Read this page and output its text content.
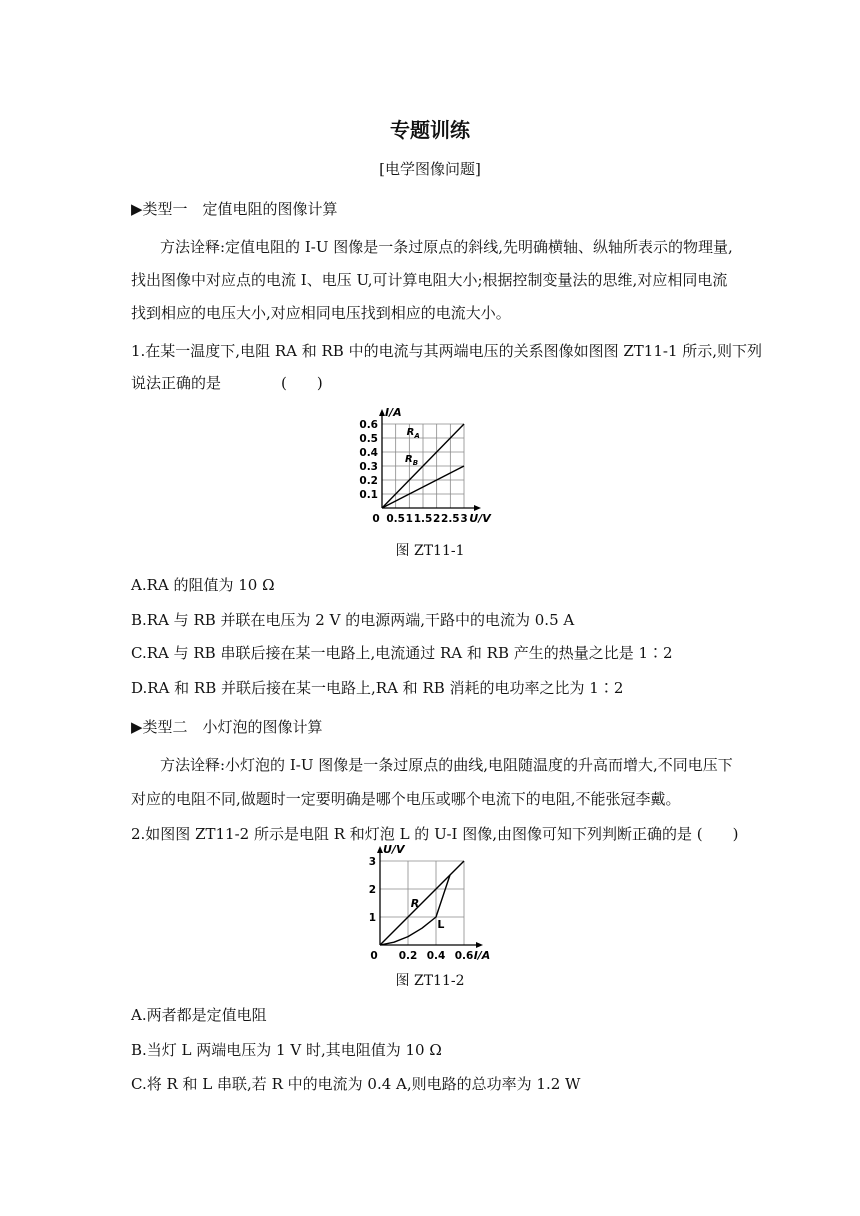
专题训练
[电学图像问题]
▶类型一　定值电阻的图像计算
方法诠释:定值电阻的 I-U 图像是一条过原点的斜线,先明确横轴、纵轴所表示的物理量,
找出图像中对应点的电流 I、电压 U,可计算电阻大小;根据控制变量法的思维,对应相同电流
找到相应的电压大小,对应相同电压找到相应的电流大小。
1.在某一温度下,电阻 RA 和 RB 中的电流与其两端电压的关系图像如图图 ZT11-1 所示,则下列
说法正确的是　　　　(　　)
0.5 1 1.5 2 2.5 3
0.1
0.2
0.3
0.4
0.5
0.6
0	U/V
I/A
$R_A$
$R_B$
图 ZT11-1
A.RA 的阻值为 10 Ω
B.RA 与 RB 并联在电压为 2 V 的电源两端,干路中的电流为 0.5 A
C.RA 与 RB 串联后接在某一电路上,电流通过 RA 和 RB 产生的热量之比是 1∶2
D.RA 和 RB 并联后接在某一电路上,RA 和 RB 消耗的电功率之比为 1∶2
▶类型二　小灯泡的图像计算
方法诠释:小灯泡的 I-U 图像是一条过原点的曲线,电阻随温度的升高而增大,不同电压下
对应的电阻不同,做题时一定要明确是哪个电压或哪个电流下的电阻,不能张冠李戴。
2.如图图 ZT11-2 所示是电阻 R 和灯泡 L 的 U-I 图像,由图像可知下列判断正确的是 (　　)
0.2 0.4 0.6
1
2
3
0	I/A
U/V
R
L
图 ZT11-2
A.两者都是定值电阻
B.当灯 L 两端电压为 1 V 时,其电阻值为 10 Ω
C.将 R 和 L 串联,若 R 中的电流为 0.4 A,则电路的总功率为 1.2 W
